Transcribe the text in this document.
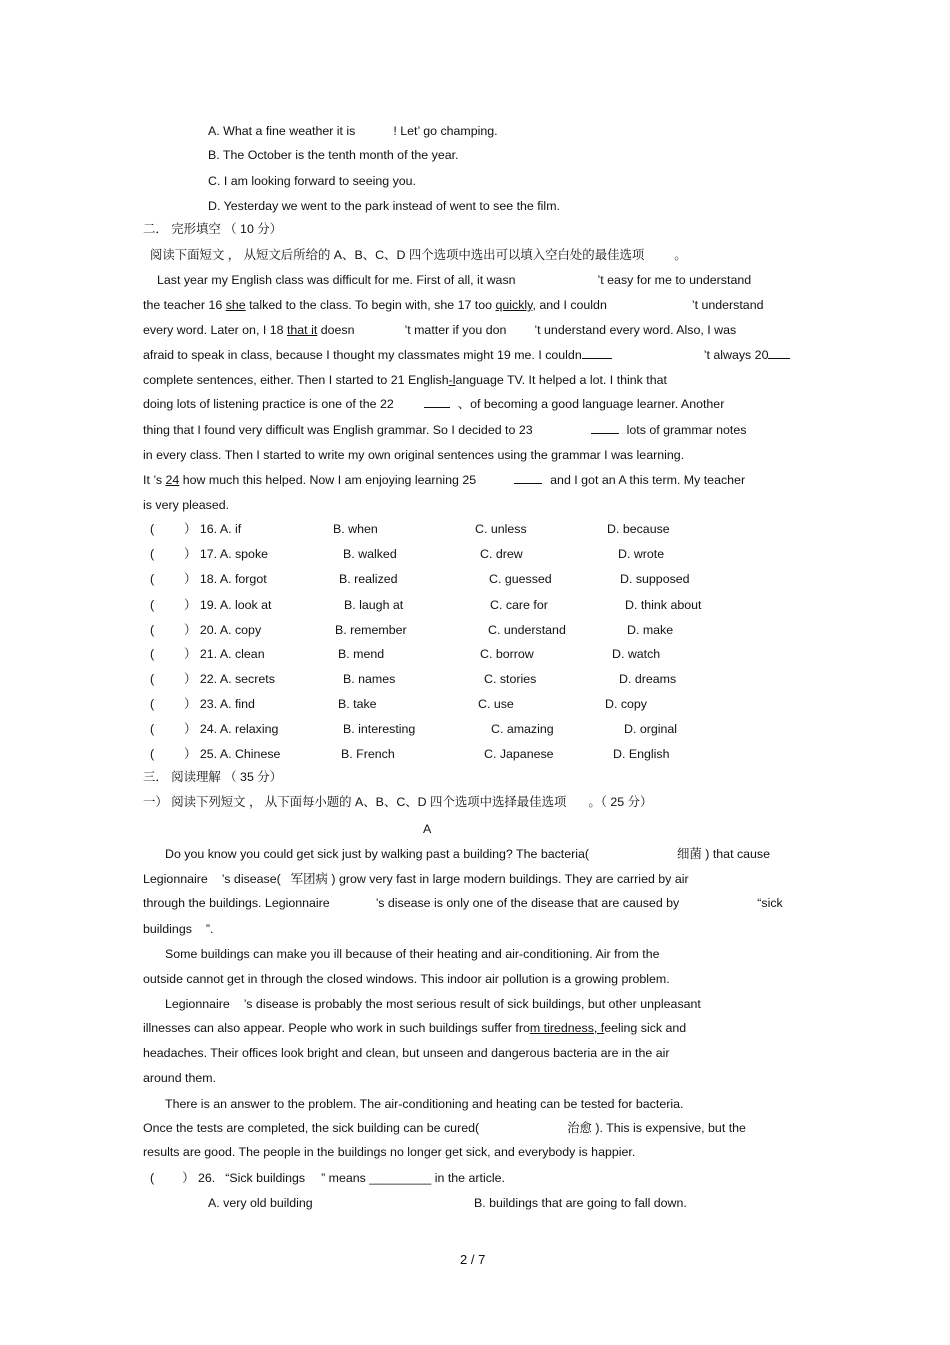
A. What a fine weather it is	! Let’ go champing.
B. The October is the tenth month of the year.
C. I am looking forward to seeing you.
D. Yesterday we went to the park instead of went to see the film.
二． 完形填空 （ 10 分）
阅读下面短文 ， 从短文后所给的 A、B、C、D 四个选项中选出可以填入空白处的最佳选项 。
Last year my English class was difficult for me. First of all, it wasn	’t easy for me to understand
the teacher 16 she talked to the class. To begin with, she 17 too quickly, and I couldn	’t understand
every word. Later on, I 18 that it doesn	’t matter if you don ’t understand every word. Also, I was
afraid to speak in class, because I thought my classmates might 19 me. I couldn	’t always 20
complete sentences, either. Then I started to 21 English-language TV. It helped a lot. I think that
doing lots of listening practice is one of the 22	、of becoming a good language learner. Another
thing that I found very difficult was English grammar. So I decided to 23	lots of grammar notes
in every class. Then I started to write my own original sentences using the grammar I was learning.
It ’s 24 how much this helped. Now I am enjoying learning 25	and I got an A this term. My teacher
is very pleased.
( ） 16. A. if	B. when	C. unless	D. because
( ） 17. A. spoke	B. walked	C. drew	D. wrote
( ） 18. A. forgot	B. realized	C. guessed	D. supposed
( ） 19. A. look at	B. laugh at	C. care for	D. think about
( ） 20. A. copy	B. remember	C. understand	D. make
( ） 21. A. clean	B. mend	C. borrow	D. watch
( ） 22. A. secrets	B. names	C. stories	D. dreams
( ） 23. A. find	B. take	C. use	D. copy
( ） 24. A. relaxing	B. interesting	C. amazing	D. orginal
( ） 25. A. Chinese	B. French	C. Japanese	D. English
三． 阅读理解 （ 35 分）
一） 阅读下列短文 ， 从下面每小题的 A、B、C、D 四个选项中选择最佳选项 。（ 25 分）
A
Do you know you could get sick just by walking past a building? The bacteria(	细菌 ) that cause
Legionnaire ’s disease( 军团病 ) grow very fast in large modern buildings. They are carried by air
through the buildings. Legionnaire	’s disease is only one of the disease that are caused by	“sick
buildings ”.
Some buildings can make you ill because of their heating and air-conditioning. Air from the
outside cannot get in through the closed windows. This indoor air pollution is a growing problem.
Legionnaire ’s disease is probably the most serious result of sick buildings, but other unpleasant
illnesses can also appear. People who work in such buildings suffer from tiredness, feeling sick and
headaches. Their offices look bright and clean, but unseen and dangerous bacteria are in the air
around them.
There is an answer to the problem. The air-conditioning and heating can be tested for bacteria.
Once the tests are completed, the sick building can be cured(	治愈 ). This is expensive, but the
results are good. The people in the buildings no longer get sick, and everybody is happier.
( ） 26. “Sick buildings ” means _________ in the article.
A. very old building	B. buildings that are going to fall down.
2 / 7
